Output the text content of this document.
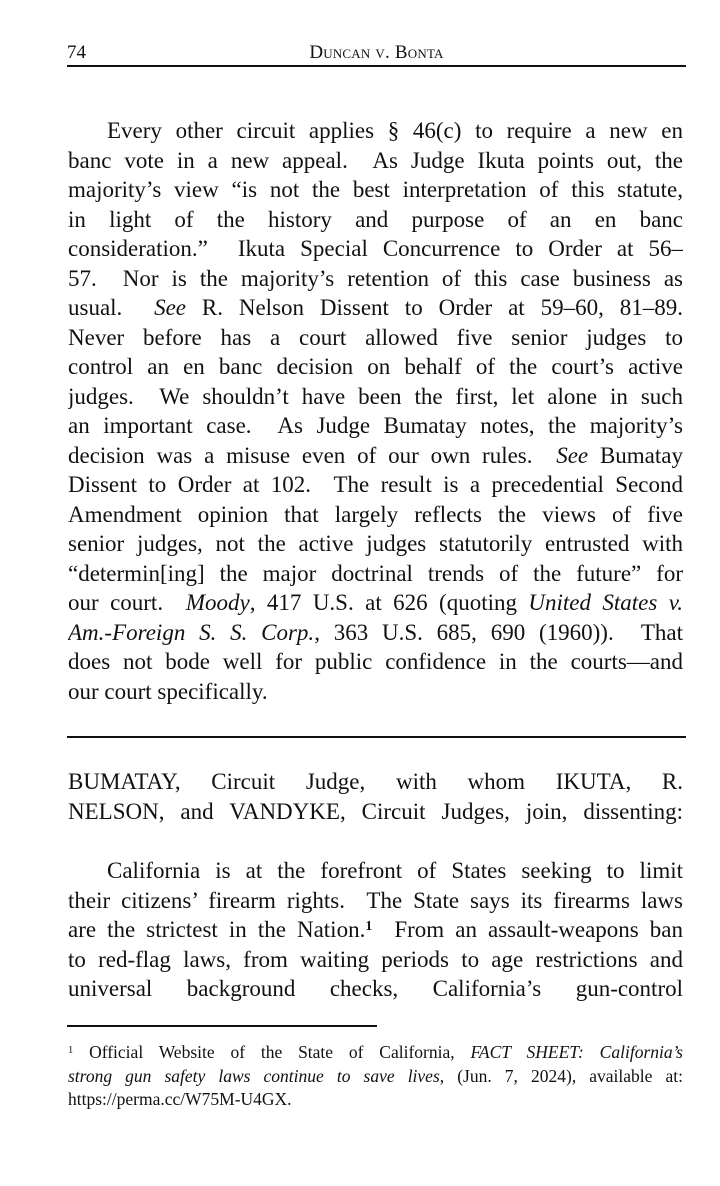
74	Duncan v. Bonta
Every other circuit applies § 46(c) to require a new en
banc vote in a new appeal.  As Judge Ikuta points out, the
majority’s view “is not the best interpretation of this statute,
in light of the history and purpose of an en banc
consideration.”  Ikuta Special Concurrence to Order at 56–
57.  Nor is the majority’s retention of this case business as
usual.  See R. Nelson Dissent to Order at 59–60, 81–89.
Never before has a court allowed five senior judges to
control an en banc decision on behalf of the court’s active
judges.  We shouldn’t have been the first, let alone in such
an important case.  As Judge Bumatay notes, the majority’s
decision was a misuse even of our own rules.  See Bumatay
Dissent to Order at 102.  The result is a precedential Second
Amendment opinion that largely reflects the views of five
senior judges, not the active judges statutorily entrusted with
“determin[ing] the major doctrinal trends of the future” for
our court.  Moody, 417 U.S. at 626 (quoting United States v.
Am.-Foreign S. S. Corp., 363 U.S. 685, 690 (1960)).  That
does not bode well for public confidence in the courts—and
our court specifically.
BUMATAY, Circuit Judge, with whom IKUTA, R.
NELSON, and VANDYKE, Circuit Judges, join, dissenting:
California is at the forefront of States seeking to limit
their citizens’ firearm rights.  The State says its firearms laws
are the strictest in the Nation.$^1$  From an assault-weapons ban
to red-flag laws, from waiting periods to age restrictions and
universal background checks, California’s gun-control
$^1$ Official Website of the State of California, FACT SHEET: California’s
strong gun safety laws continue to save lives, (Jun. 7, 2024), available at:
https://perma.cc/W75M-U4GX.
